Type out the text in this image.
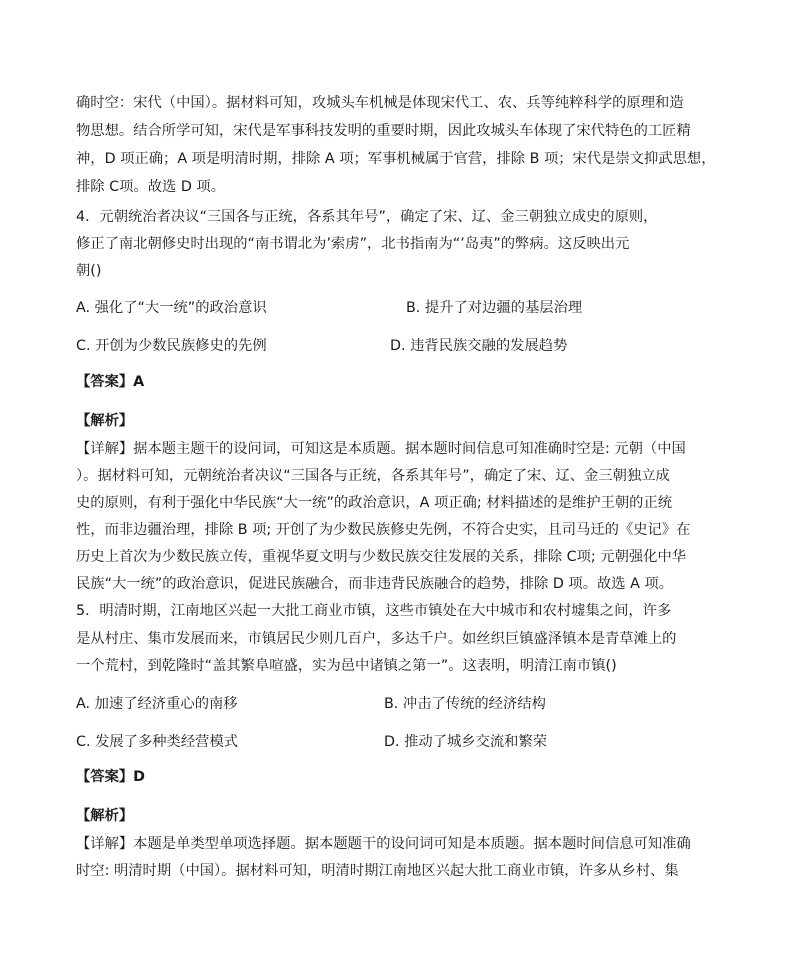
确时空：宋代（中国）。据材料可知，攻城头车机械是体现宋代工、农、兵等纯粹科学的原理和造
物思想。结合所学可知，宋代是军事科技发明的重要时期，因此攻城头车体现了宋代特色的工匠精
神，D 项正确；A 项是明清时期，排除 A 项；军事机械属于官营，排除 B 项；宋代是崇文抑武思想，
排除 C项。故选 D 项。
4．元朝统治者决议“三国各与正统，各系其年号”，确定了宋、辽、金三朝独立成史的原则，
修正了南北朝修史时出现的“南书谓北为’索虏”，北书指南为“’岛夷”的弊病。这反映出元
朝()
A. 强化了“大一统”的政治意识	B. 提升了对边疆的基层治理
C. 开创为少数民族修史的先例	D. 违背民族交融的发展趋势
【答案】A
【解析】
【详解】据本题主题干的设问词，可知这是本质题。据本题时间信息可知准确时空是: 元朝（中国
）。据材料可知，元朝统治者决议“三国各与正统，各系其年号”，确定了宋、辽、金三朝独立成
史的原则，有利于强化中华民族“大一统”的政治意识，A 项正确; 材料描述的是维护王朝的正统
性，而非边疆治理，排除 B 项; 开创了为少数民族修史先例，不符合史实，且司马迁的《史记》在
历史上首次为少数民族立传，重视华夏文明与少数民族交往发展的关系，排除 C项; 元朝强化中华
民族“大一统”的政治意识，促进民族融合，而非违背民族融合的趋势，排除 D 项。故选 A 项。
5．明清时期，江南地区兴起一大批工商业市镇，这些市镇处在大中城市和农村墟集之间，许多
是从村庄、集市发展而来，市镇居民少则几百户，多达千户。如丝织巨镇盛泽镇本是青草滩上的
一个荒村，到乾隆时“盖其繁阜喧盛，实为邑中诸镇之第一”。这表明，明清江南市镇()
A. 加速了经济重心的南移	B. 冲击了传统的经济结构
C. 发展了多种类经营模式	D. 推动了城乡交流和繁荣
【答案】D
【解析】
【详解】本题是单类型单项选择题。据本题题干的设问词可知是本质题。据本题时间信息可知准确
时空: 明清时期（中国）。据材料可知，明清时期江南地区兴起大批工商业市镇，许多从乡村、集
